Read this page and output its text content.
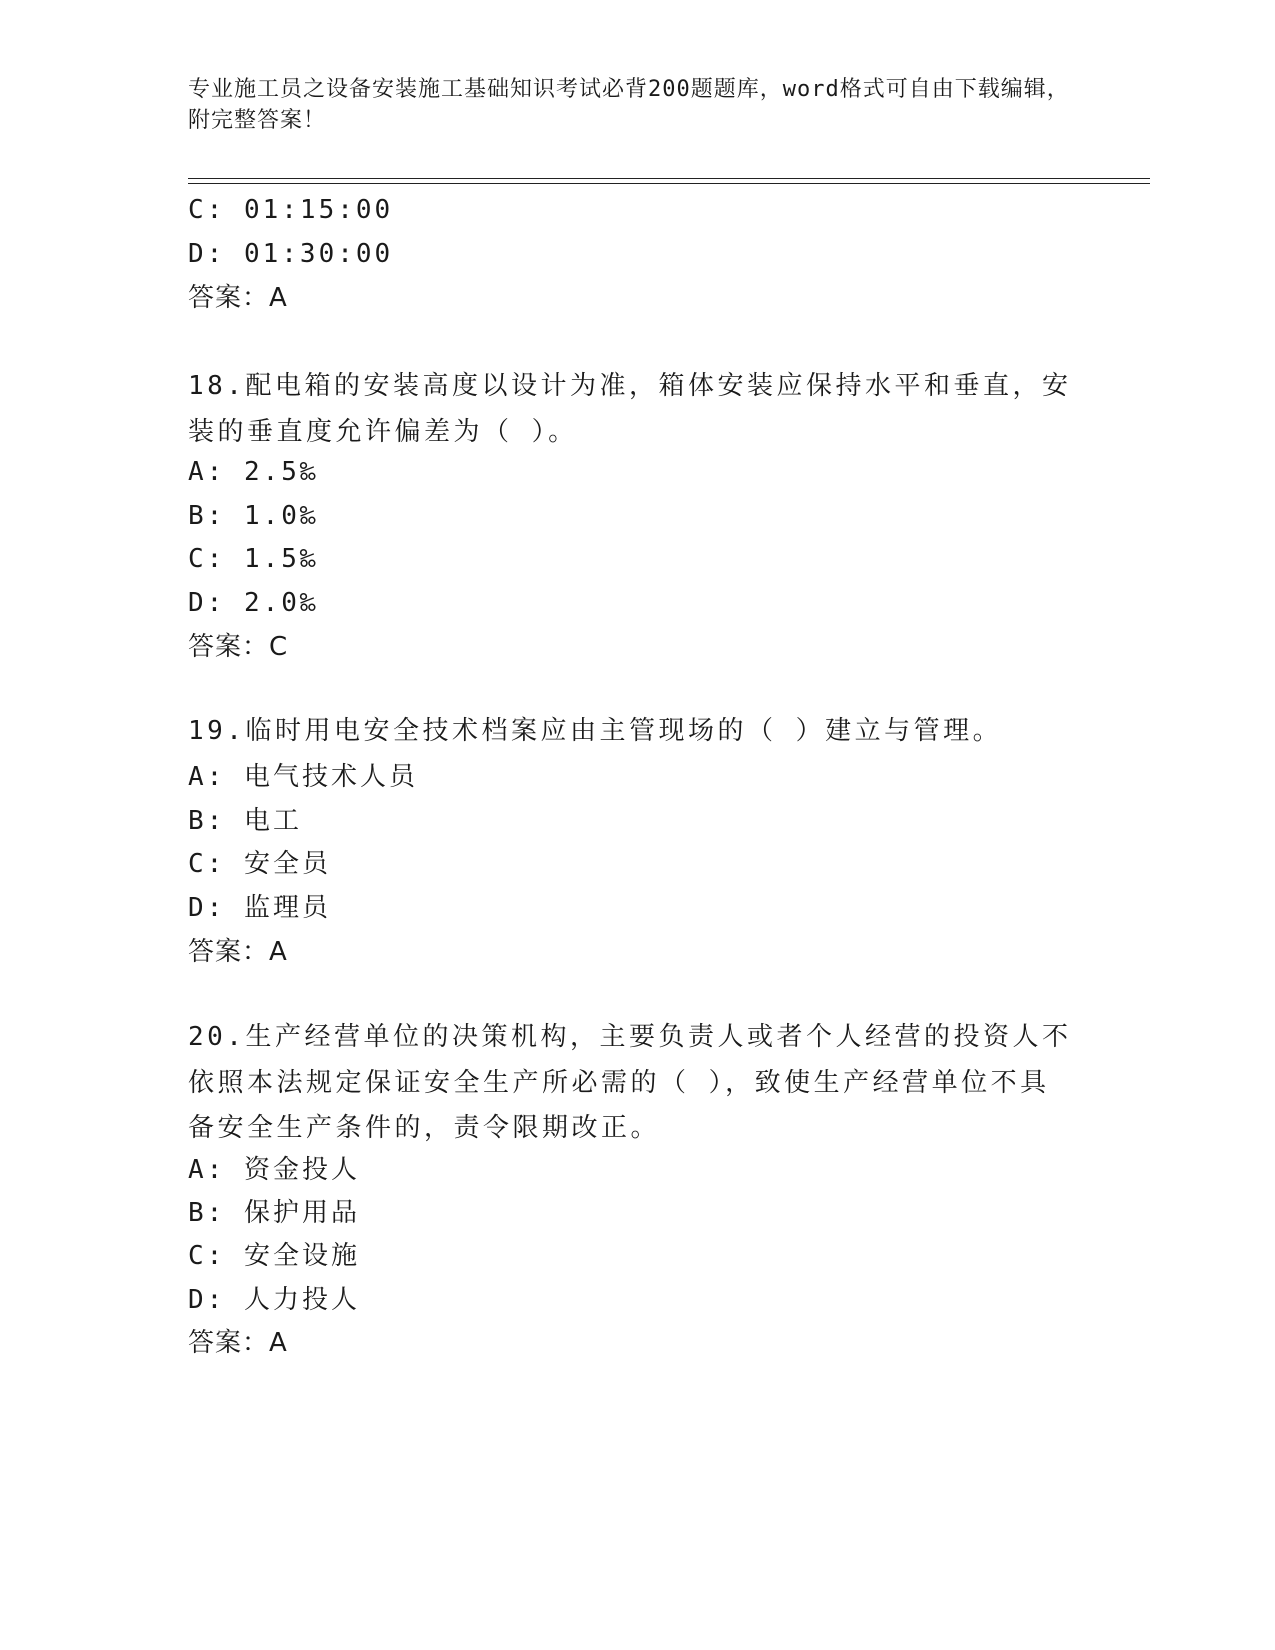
专业施工员之设备安装施工基础知识考试必背200题题库，word格式可自由下载编辑，附完整答案！
C: 01:15:00
D: 01:30:00
答案：A
18.配电箱的安装高度以设计为准，箱体安装应保持水平和垂直，安装的垂直度允许偏差为（ ）。
A: 2.5‰
B: 1.0‰
C: 1.5‰
D: 2.0‰
答案：C
19.临时用电安全技术档案应由主管现场的（ ）建立与管理。
A: 电气技术人员
B: 电工
C: 安全员
D: 监理员
答案：A
20.生产经营单位的决策机构，主要负责人或者个人经营的投资人不依照本法规定保证安全生产所必需的（ ），致使生产经营单位不具备安全生产条件的，责令限期改正。
A: 资金投人
B: 保护用品
C: 安全设施
D: 人力投人
答案：A
